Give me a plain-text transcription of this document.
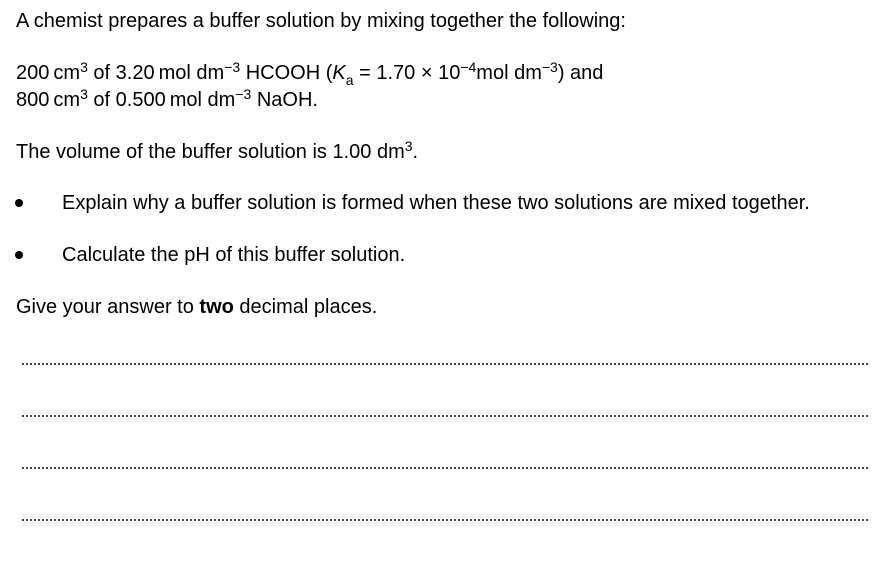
A chemist prepares a buffer solution by mixing together the following:
200  $cm^3$ of 3.20  mol $dm^{-3}$ HCOOH ($K_a = 1.70 \times 10^{-4}mol$ $dm^{-3}$) and
800  $cm^3$ of 0.500  mol $dm^{-3}$ NaOH.
The volume of the buffer solution is 1.00 $dm^3$.
Explain why a buffer solution is formed when these two solutions are mixed together.
Calculate the pH of this buffer solution.
Give your answer to two decimal places.
